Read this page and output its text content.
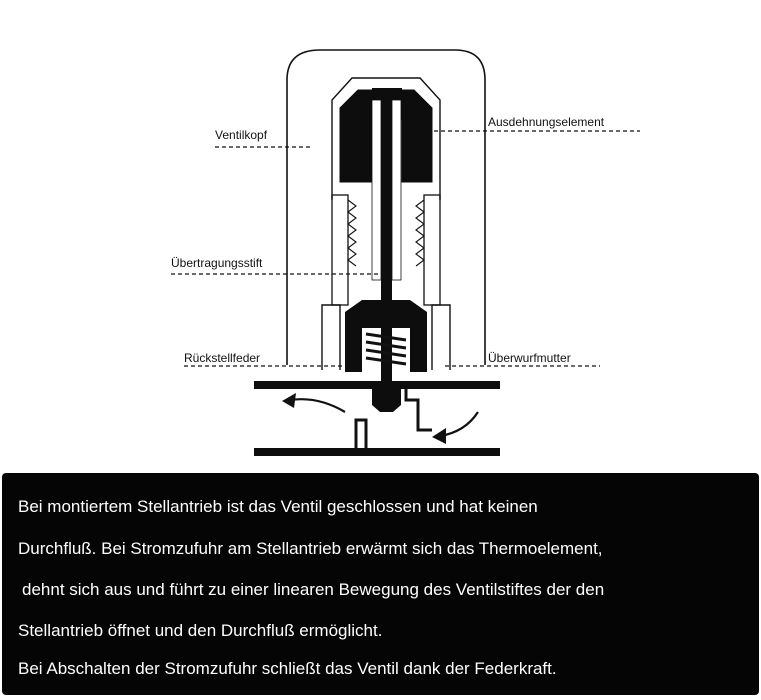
Ventilkopf
Ausdehnungselement
Übertragungsstift
Rückstellfeder	Überwurfmutter
Bei montiertem Stellantrieb ist das Ventil geschlossen und hat keinen
Durchfluß. Bei Stromzufuhr am Stellantrieb erwärmt sich das Thermoelement,
dehnt sich aus und führt zu einer linearen Bewegung des Ventilstiftes der den
Stellantrieb öffnet und den Durchfluß ermöglicht.
Bei Abschalten der Stromzufuhr schließt das Ventil dank der Federkraft.
